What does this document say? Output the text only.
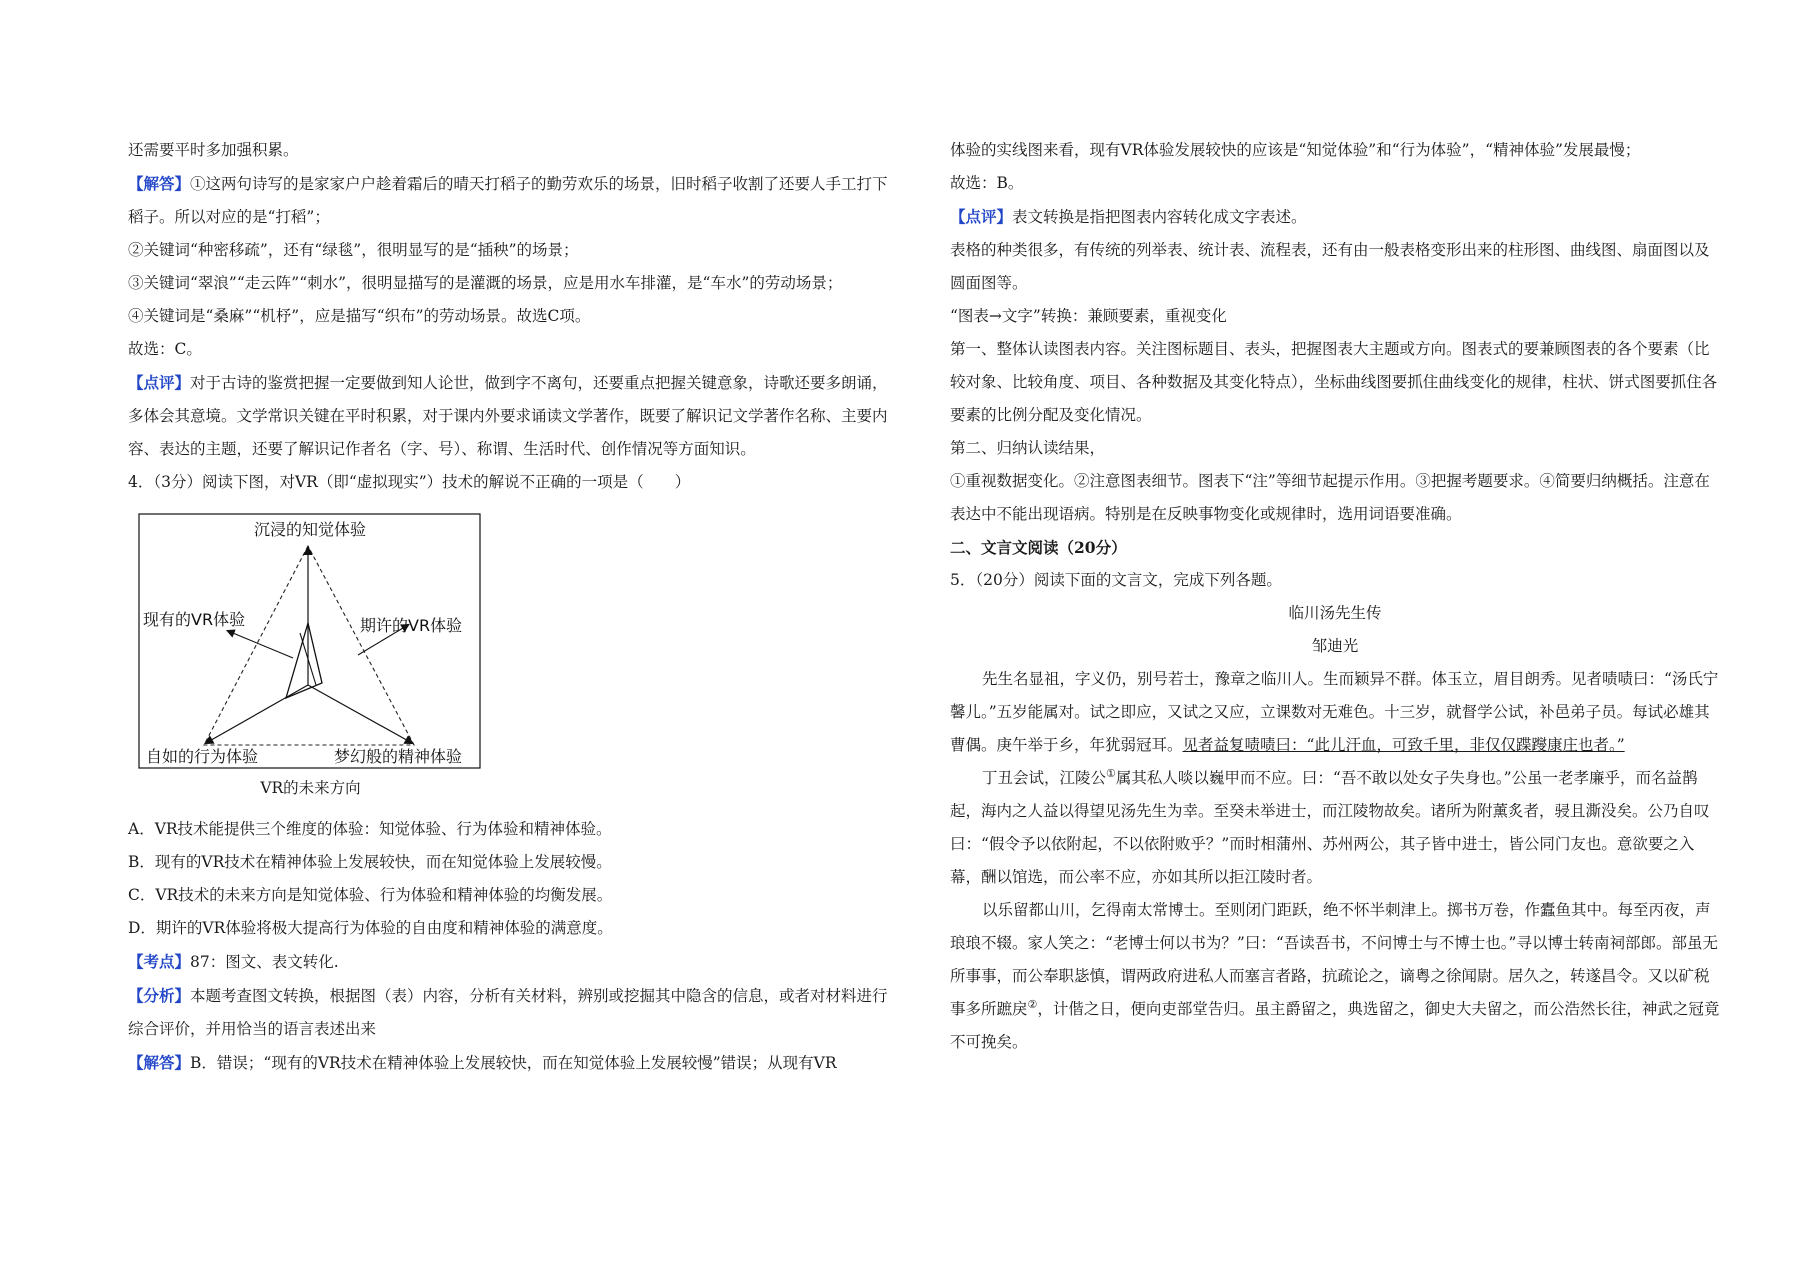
还需要平时多加强积累。

【解答】①这两句诗写的是家家户户趁着霜后的晴天打稻子的勤劳欢乐的场景，旧时稻子收割了还要人手工打下稻子。所以对应的是“打稻”；

②关键词“种密移疏”，还有“绿毯”，很明显写的是“插秧”的场景；

③关键词“翠浪”“走云阵”“刺水”，很明显描写的是灌溉的场景，应是用水车排灌，是“车水”的劳动场景；

④关键词是“桑麻”“机杼”，应是描写“织布”的劳动场景。故选C项。

故选：C。

【点评】对于古诗的鉴赏把握一定要做到知人论世，做到字不离句，还要重点把握关键意象，诗歌还要多朗诵，多体会其意境。文学常识关键在平时积累，对于课内外要求诵读文学著作，既要了解识记文学著作名称、主要内容、表达的主题，还要了解识记作者名（字、号）、称谓、生活时代、创作情况等方面知识。

4．（3分）阅读下图，对VR（即“虚拟现实”）技术的解说不正确的一项是（　　）

沉浸的知觉体验
现有的VR体验	期许的VR体验
自如的行为体验	梦幻般的精神体验
VR的未来方向

A．VR技术能提供三个维度的体验：知觉体验、行为体验和精神体验。

B．现有的VR技术在精神体验上发展较快，而在知觉体验上发展较慢。

C．VR技术的未来方向是知觉体验、行为体验和精神体验的均衡发展。

D．期许的VR体验将极大提高行为体验的自由度和精神体验的满意度。

【考点】87：图文、表文转化.

【分析】本题考查图文转换，根据图（表）内容，分析有关材料，辨别或挖掘其中隐含的信息，或者对材料进行综合评价，并用恰当的语言表述出来

【解答】B．错误；“现有的VR技术在精神体验上发展较快，而在知觉体验上发展较慢”错误；从现有VR

体验的实线图来看，现有VR体验发展较快的应该是“知觉体验”和“行为体验”，“精神体验”发展最慢；

故选：B。

【点评】表文转换是指把图表内容转化成文字表述。

表格的种类很多，有传统的列举表、统计表、流程表，还有由一般表格变形出来的柱形图、曲线图、扇面图以及圆面图等。

“图表→文字”转换：兼顾要素，重视变化

第一、整体认读图表内容。关注图标题目、表头，把握图表大主题或方向。图表式的要兼顾图表的各个要素（比较对象、比较角度、项目、各种数据及其变化特点），坐标曲线图要抓住曲线变化的规律，柱状、饼式图要抓住各要素的比例分配及变化情况。

第二、归纳认读结果，

①重视数据变化。②注意图表细节。图表下“注”等细节起提示作用。③把握考题要求。④简要归纳概括。注意在表达中不能出现语病。特别是在反映事物变化或规律时，选用词语要准确。

二、文言文阅读（20分）

5．（20分）阅读下面的文言文，完成下列各题。

临川汤先生传

邹迪光

先生名显祖，字义仍，别号若士，豫章之临川人。生而颖异不群。体玉立，眉目朗秀。见者啧啧曰：“汤氏宁馨儿。”五岁能属对。试之即应，又试之又应，立课数对无难色。十三岁，就督学公试，补邑弟子员。每试必雄其曹偶。庚午举于乡，年犹弱冠耳。见者益复啧啧曰：“此儿汗血，可致千里，非仅仅蹀躞康庄也者。”

丁丑会试，江陵公①属其私人啖以巍甲而不应。曰：“吾不敢以处女子失身也。”公虽一老孝廉乎，而名益鹊起，海内之人益以得望见汤先生为幸。至癸未举进士，而江陵物故矣。诸所为附薰炙者，骎且澌没矣。公乃自叹曰：“假令予以依附起，不以依附败乎？”而时相蒲州、苏州两公，其子皆中进士，皆公同门友也。意欲要之入幕，酬以馆选，而公率不应，亦如其所以拒江陵时者。

以乐留都山川，乞得南太常博士。至则闭门距跃，绝不怀半刺津上。掷书万卷，作蠹鱼其中。每至丙夜，声琅琅不辍。家人笑之：“老博士何以书为？”曰：“吾读吾书，不问博士与不博士也。”寻以博士转南祠部郎。部虽无所事事，而公奉职毖慎，谓两政府进私人而塞言者路，抗疏论之，谪粤之徐闻尉。居久之，转遂昌令。又以矿税事多所蹠戾②，计偕之日，便向吏部堂告归。虽主爵留之，典选留之，御史大夫留之，而公浩然长往，神武之冠竟不可挽矣。
